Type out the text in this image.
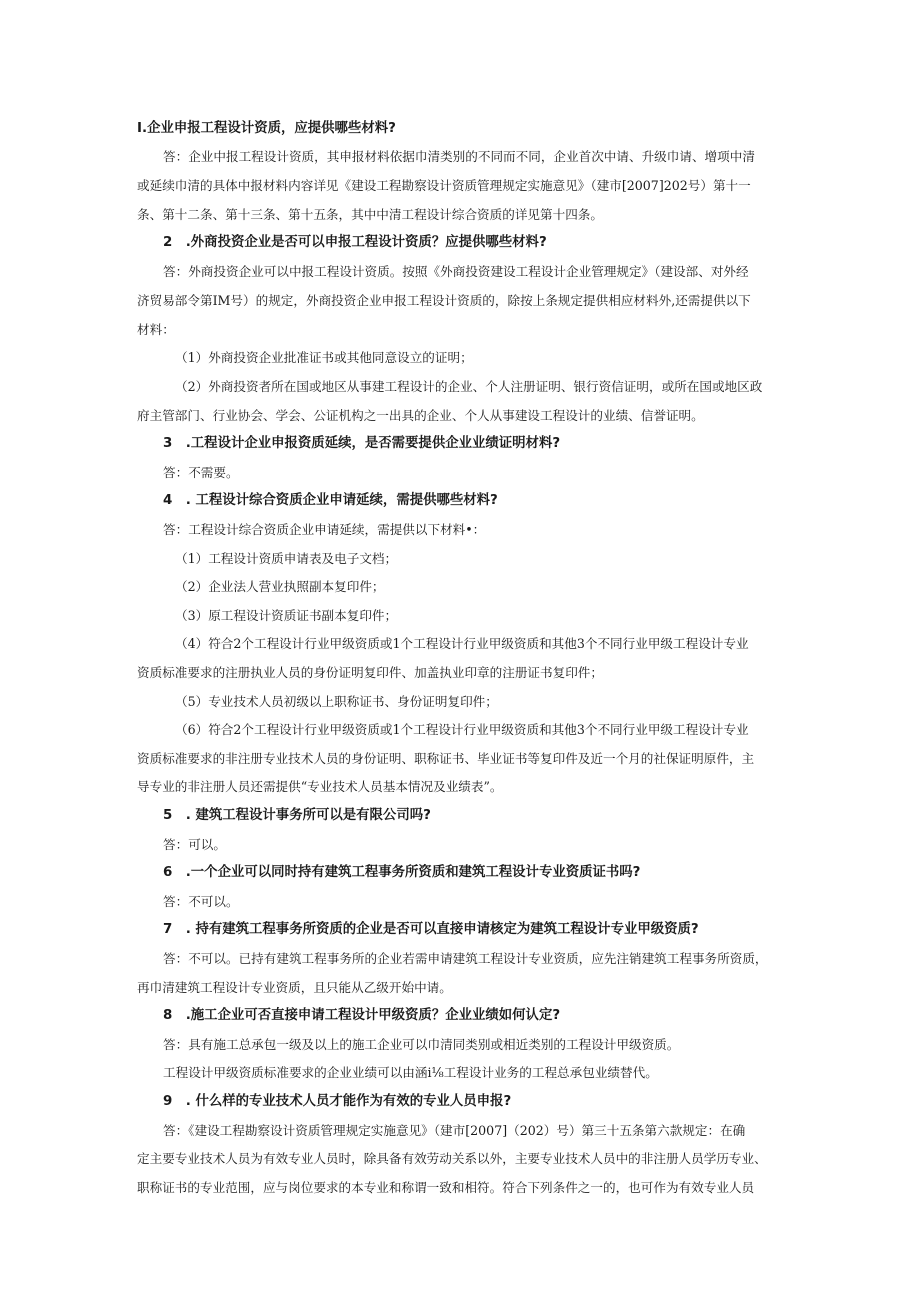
I.企业申报工程设计资质，应提供哪些材料?
答：企业中报工程设计资质，其申报材料依据巾清类别的不同而不同，企业首次中请、升级巾请、增项中清
或延续巾清的具体中报材料内容详见《建设工程勘察设计资质管理规定实施意见》（建市[2007]202号）第十一
条、第十二条、第十三条、第十五条，其中中清工程设计综合资质的详见第十四条。
2　.外商投资企业是否可以申报工程设计资质？应提供哪些材料?
答：外商投资企业可以中报工程设计资质。按照《外商投资建设工程设计企业管理规定》（建设部、对外经
济贸易部令第IM号）的规定，外商投资企业申报工程设计资质的，除按上条规定提供相应材料外,还需提供以下
材料：
（1）外商投资企业批准证书或其他同意设立的证明；
（2）外商投资者所在国或地区从事建工程设计的企业、个人注册证明、银行资信证明，或所在国或地区政
府主管部门、行业协会、学会、公证机构之一出具的企业、个人从事建设工程设计的业绩、信誉证明。
3　.工程设计企业申报资质延续，是否需要提供企业业绩证明材料?
答：不需要。
4　. 工程设计综合资质企业申请延续，需提供哪些材料?
答：工程设计综合资质企业申请延续，需提供以下材料•：
（1）工程设计资质申请表及电子文档；
（2）企业法人营业执照副本复印件；
（3）原工程设计资质证书副本复印件；
（4）符合2个工程设计行业甲级资质或1个工程设计行业甲级资质和其他3个不同行业甲级工程设计专业
资质标准要求的注册执业人员的身份证明复印件、加盖执业印章的注册证书复印件；
（5）专业技术人员初级以上职称证书、身份证明复印件；
（6）符合2个工程设计行业甲级资质或1个工程设计行业甲级资质和其他3个不同行业甲级工程设计专业
资质标准要求的非注册专业技术人员的身份证明、职称证书、毕业证书等复印件及近一个月的社保证明原件，主
导专业的非注册人员还需提供“专业技术人员基本情况及业绩表”。
5　. 建筑工程设计事务所可以是有限公司吗?
答：可以。
6　.一个企业可以同时持有建筑工程事务所资质和建筑工程设计专业资质证书吗?
答：不可以。
7　. 持有建筑工程事务所资质的企业是否可以直接申请核定为建筑工程设计专业甲级资质?
答：不可以。已持有建筑工程事务所的企业若需申请建筑工程设计专业资质，应先注销建筑工程事务所资质，
再巾清建筑工程设计专业资质，且只能从乙级开始中请。
8　.施工企业可否直接申请工程设计甲级资质？企业业绩如何认定?
答：具有施工总承包一级及以上的施工企业可以巾清同类别或相近类别的工程设计甲级资质。
工程设计甲级资质标准要求的企业业绩可以由涵i⅛工程设计业务的工程总承包业绩替代。
9　. 什么样的专业技术人员才能作为有效的专业人员申报?
答：《建设工程勘察设计资质管理规定实施意见》（建市[2007]（202）号）第三十五条第六款规定：在确
定主要专业技术人员为有效专业人员时，除具备有效劳动关系以外，主要专业技术人员中的非注册人员学历专业、
职称证书的专业范围，应与岗位要求的本专业和称谓一致和相符。符合下列条件之一的，也可作为有效专业人员
